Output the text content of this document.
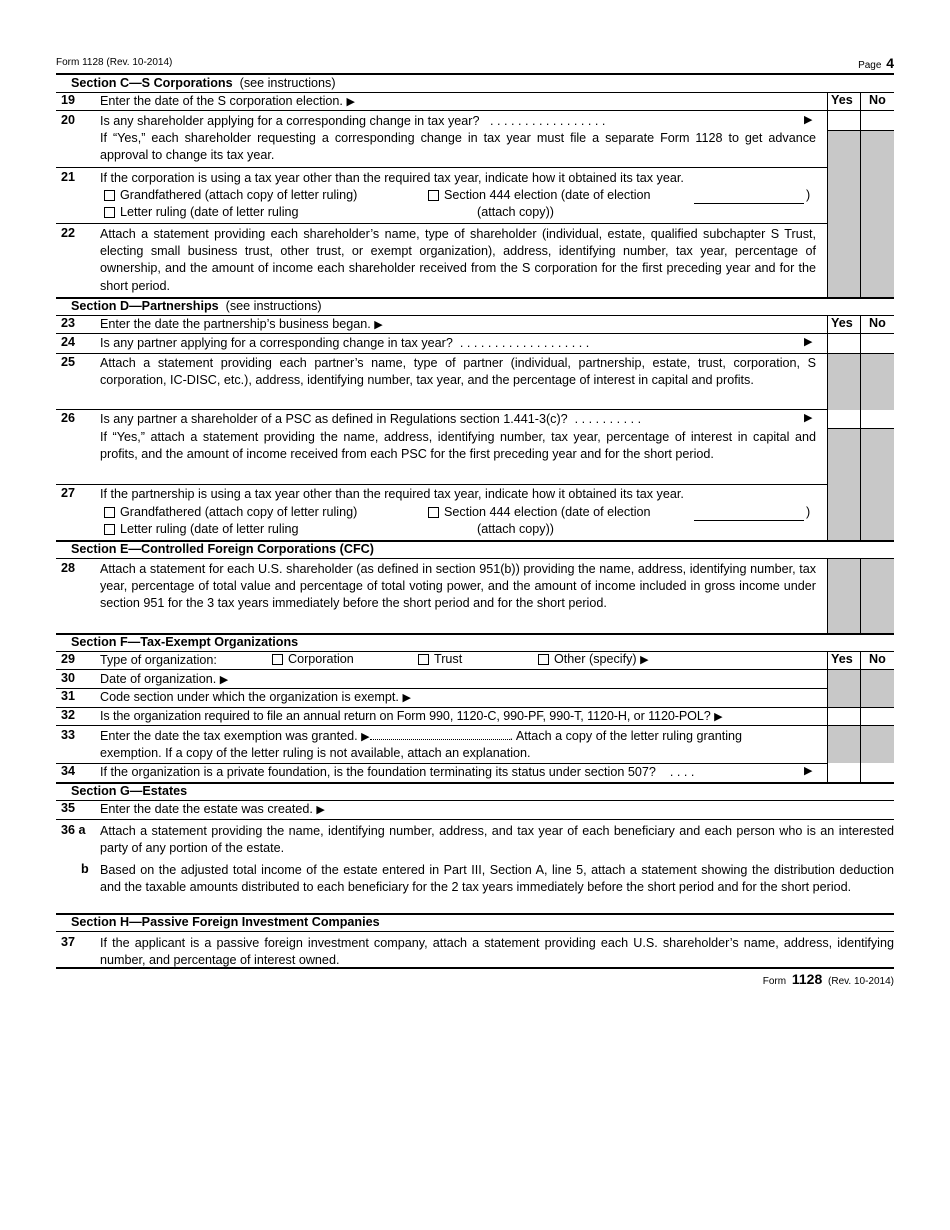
Form 1128 (Rev. 10-2014)	Page 4
Section C—S Corporations (see instructions)
Yes No
19	Enter the date of the S corporation election. ▶
20	Is any shareholder applying for a corresponding change in tax year? . . . . . . . . . . . . . . . . .	▶
If “Yes,” each shareholder requesting a corresponding change in tax year must file a separate Form 1128 to get advance approval to change its tax year.
21	If the corporation is using a tax year other than the required tax year, indicate how it obtained its tax year.
Grandfathered (attach copy of letter ruling)	Section 444 election (date of election	)
Letter ruling (date of letter ruling	(attach copy))
22	Attach a statement providing each shareholder’s name, type of shareholder (individual, estate, qualified subchapter S Trust, electing small business trust, other trust, or exempt organization), address, identifying number, tax year, percentage of ownership, and the amount of income each shareholder received from the S corporation for the first preceding year and for the short period.
Section D—Partnerships (see instructions)
Yes No
23	Enter the date the partnership’s business began. ▶
24	Is any partner applying for a corresponding change in tax year? . . . . . . . . . . . . . . . . . . .	▶
25	Attach a statement providing each partner’s name, type of partner (individual, partnership, estate, trust, corporation, S corporation, IC-DISC, etc.), address, identifying number, tax year, and the percentage of interest in capital and profits.
26	Is any partner a shareholder of a PSC as defined in Regulations section 1.441-3(c)? . . . . . . . . . .	▶
If “Yes,” attach a statement providing the name, address, identifying number, tax year, percentage of interest in capital and profits, and the amount of income received from each PSC for the first preceding year and for the short period.
27	If the partnership is using a tax year other than the required tax year, indicate how it obtained its tax year.
Grandfathered (attach copy of letter ruling)	Section 444 election (date of election	)
Letter ruling (date of letter ruling	(attach copy))
Section E—Controlled Foreign Corporations (CFC)
28	Attach a statement for each U.S. shareholder (as defined in section 951(b)) providing the name, address, identifying number, tax year, percentage of total value and percentage of total voting power, and the amount of income included in gross income under section 951 for the 3 tax years immediately before the short period and for the short period.
Section F—Tax-Exempt Organizations
Yes No
29	Type of organization:	Corporation	Trust	Other (specify) ▶
30	Date of organization. ▶
31	Code section under which the organization is exempt. ▶
32	Is the organization required to file an annual return on Form 990, 1120-C, 990-PF, 990-T, 1120-H, or 1120-POL? ▶
33	Enter the date the tax exemption was granted. ▶	. Attach a copy of the letter ruling granting
exemption. If a copy of the letter ruling is not available, attach an explanation.
34	If the organization is a private foundation, is the foundation terminating its status under section 507? . . . .	▶
Section G—Estates
35	Enter the date the estate was created. ▶
36 a	Attach a statement providing the name, identifying number, address, and tax year of each beneficiary and each person who is an interested party of any portion of the estate.
b Based on the adjusted total income of the estate entered in Part III, Section A, line 5, attach a statement showing the distribution deduction and the taxable amounts distributed to each beneficiary for the 2 tax years immediately before the short period and for the short period.
Section H—Passive Foreign Investment Companies
37	If the applicant is a passive foreign investment company, attach a statement providing each U.S. shareholder’s name, address, identifying number, and percentage of interest owned.
Form 1128 (Rev. 10-2014)
